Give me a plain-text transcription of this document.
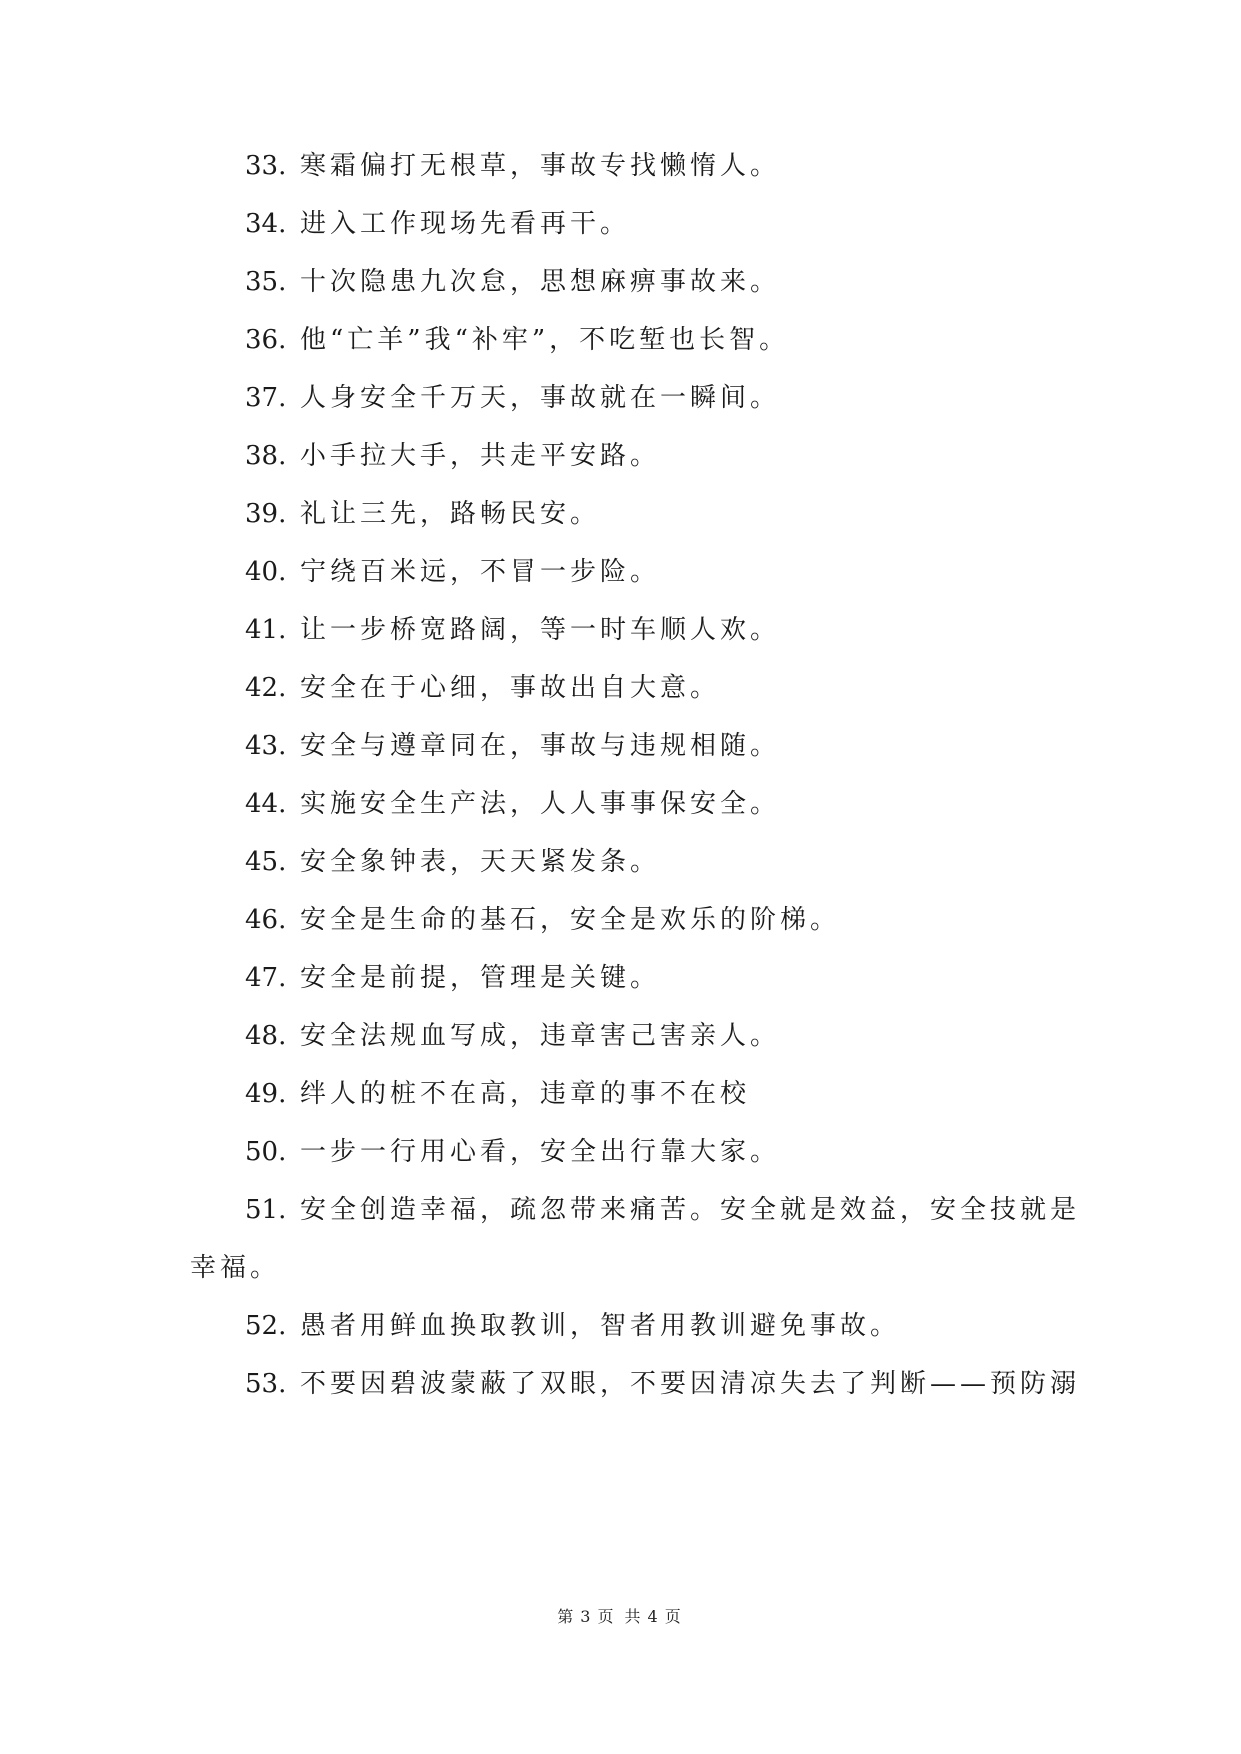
33. 寒霜偏打无根草，事故专找懒惰人。
34. 进入工作现场先看再干。
35. 十次隐患九次怠，思想麻痹事故来。
36. 他“亡羊”我“补牢”，不吃堑也长智。
37. 人身安全千万天，事故就在一瞬间。
38. 小手拉大手，共走平安路。
39. 礼让三先，路畅民安。
40. 宁绕百米远，不冒一步险。
41. 让一步桥宽路阔，等一时车顺人欢。
42. 安全在于心细，事故出自大意。
43. 安全与遵章同在，事故与违规相随。
44. 实施安全生产法，人人事事保安全。
45. 安全象钟表，天天紧发条。
46. 安全是生命的基石，安全是欢乐的阶梯。
47. 安全是前提，管理是关键。
48. 安全法规血写成，违章害己害亲人。
49. 绊人的桩不在高，违章的事不在校
50. 一步一行用心看，安全出行靠大家。
51. 安全创造幸福，疏忽带来痛苦。安全就是效益，安全技就是
幸福。
52. 愚者用鲜血换取教训，智者用教训避免事故。
53. 不要因碧波蒙蔽了双眼，不要因清凉失去了判断——预防溺
第 3 页 共 4 页
